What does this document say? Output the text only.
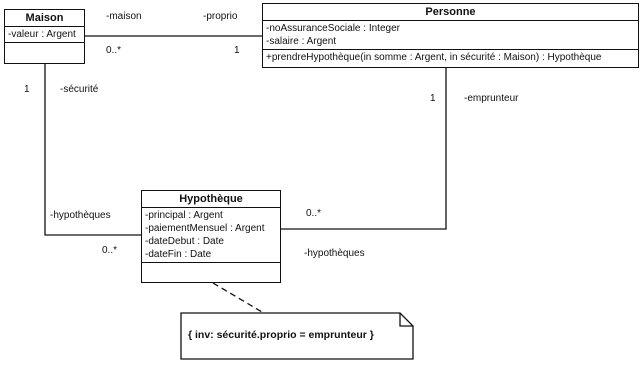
Maison
-valeur : Argent
Personne
-noAssuranceSociale : Integer
-salaire : Argent
+prendreHypothèque(in somme : Argent, in sécurité : Maison) : Hypothèque
Hypothèque
-principal : Argent
-paiementMensuel : Argent
-dateDebut : Date
-dateFin : Date
-maison	-proprio
0..*	1
1	-sécurité
-hypothèques
0..*
1	-emprunteur
0..*
-hypothèques
{ inv: sécurité.proprio = emprunteur }
